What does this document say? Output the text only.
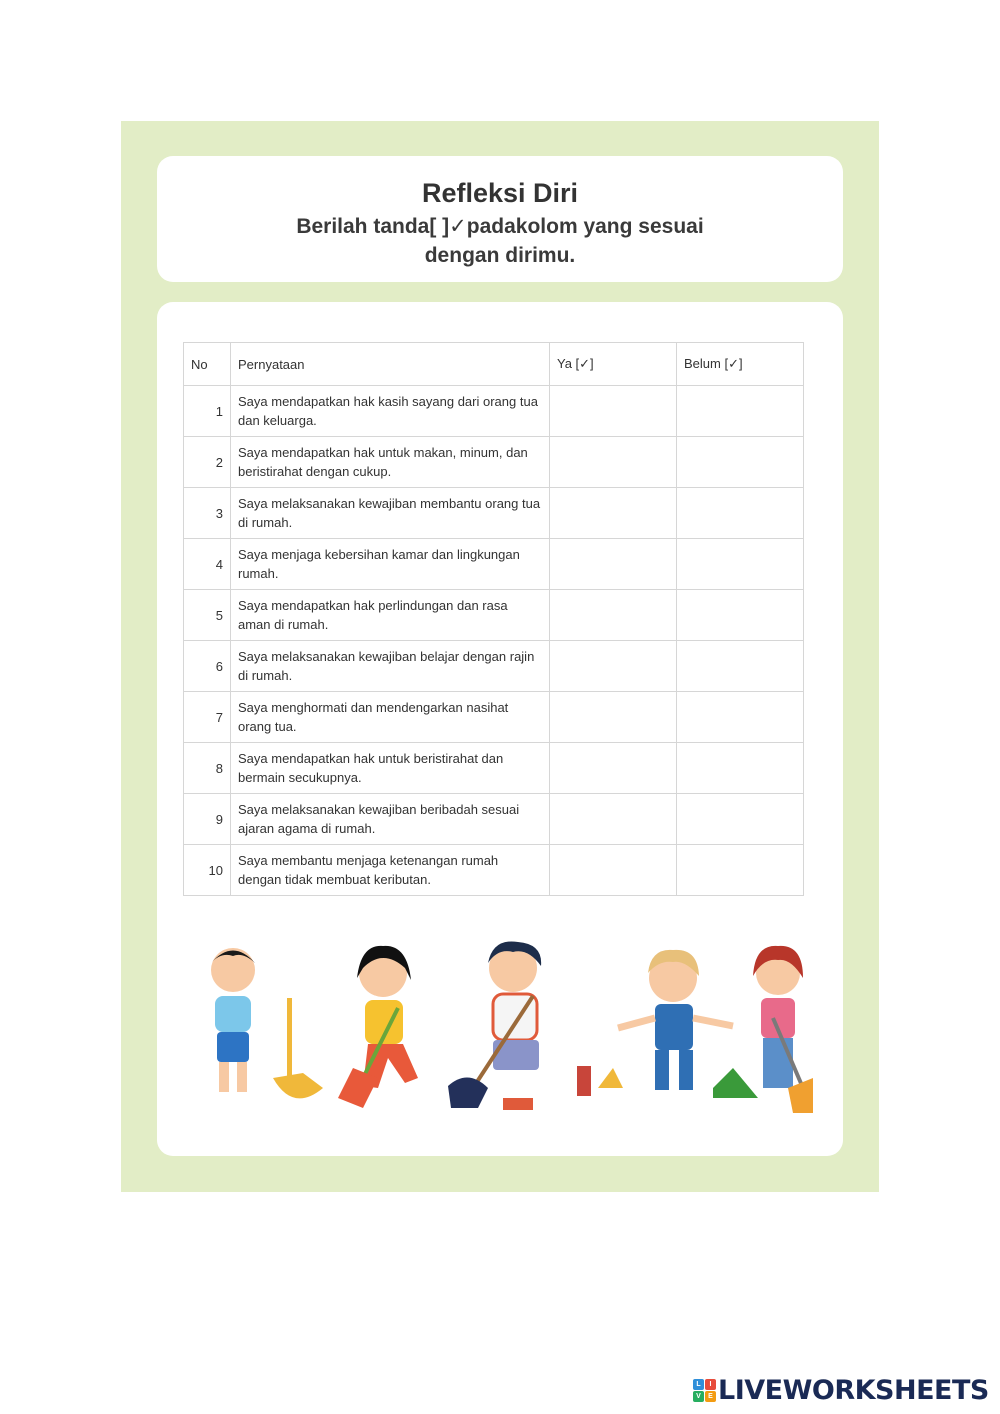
Refleksi Diri
Berilah tanda[ ]✓padakolom yang sesuai dengan dirimu.
No	Pernyataan	Ya [✓]	Belum [✓]
1	Saya mendapatkan hak kasih sayang dari orang tua dan keluarga.		
2	Saya mendapatkan hak untuk makan, minum, dan beristirahat dengan cukup.		
3	Saya melaksanakan kewajiban membantu orang tua di rumah.		
4	Saya menjaga kebersihan kamar dan lingkungan rumah.		
5	Saya mendapatkan hak perlindungan dan rasa aman di rumah.		
6	Saya melaksanakan kewajiban belajar dengan rajin di rumah.		
7	Saya menghormati dan mendengarkan nasihat orang tua.		
8	Saya mendapatkan hak untuk beristirahat dan bermain secukupnya.		
9	Saya melaksanakan kewajiban beribadah sesuai ajaran agama di rumah.		
10	Saya membantu menjaga ketenangan rumah dengan tidak membuat keributan.		
L	I
V	E LIVEWORKSHEETS
